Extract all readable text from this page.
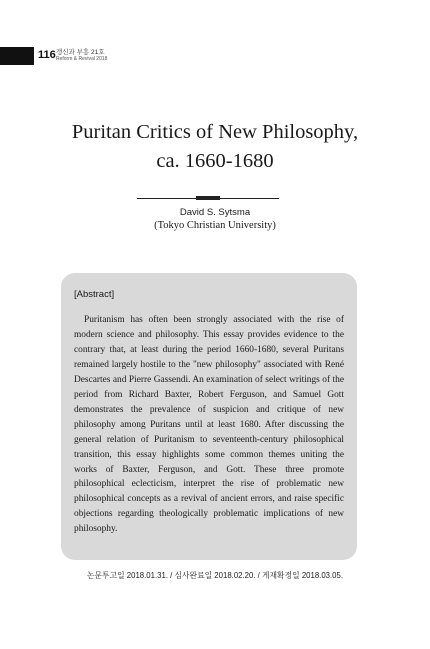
116 갱신과 부흥 21호
Reform & Revival 2018
Puritan Critics of New Philosophy,
ca. 1660-1680
David S. Sytsma
(Tokyo Christian University)
[Abstract]

Puritanism has often been strongly associated with the rise of modern science and philosophy. This essay provides evidence to the contrary that, at least during the period 1660-1680, several Puritans remained largely hostile to the "new philosophy" associated with René Descartes and Pierre Gassendi. An examination of select writings of the period from Richard Baxter, Robert Ferguson, and Samuel Gott demonstrates the prevalence of suspicion and critique of new philosophy among Puritans until at least 1680. After discussing the general relation of Puritanism to seventeenth-century philosophical transition, this essay highlights some common themes uniting the works of Baxter, Ferguson, and Gott. These three promote philosophical eclecticism, interpret the rise of problematic new philosophical concepts as a revival of ancient errors, and raise specific objections regarding theologically problematic implications of new philosophy.

논문투고일 2018.01.31. / 심사완료일 2018.02.20. / 게재확정일 2018.03.05.
